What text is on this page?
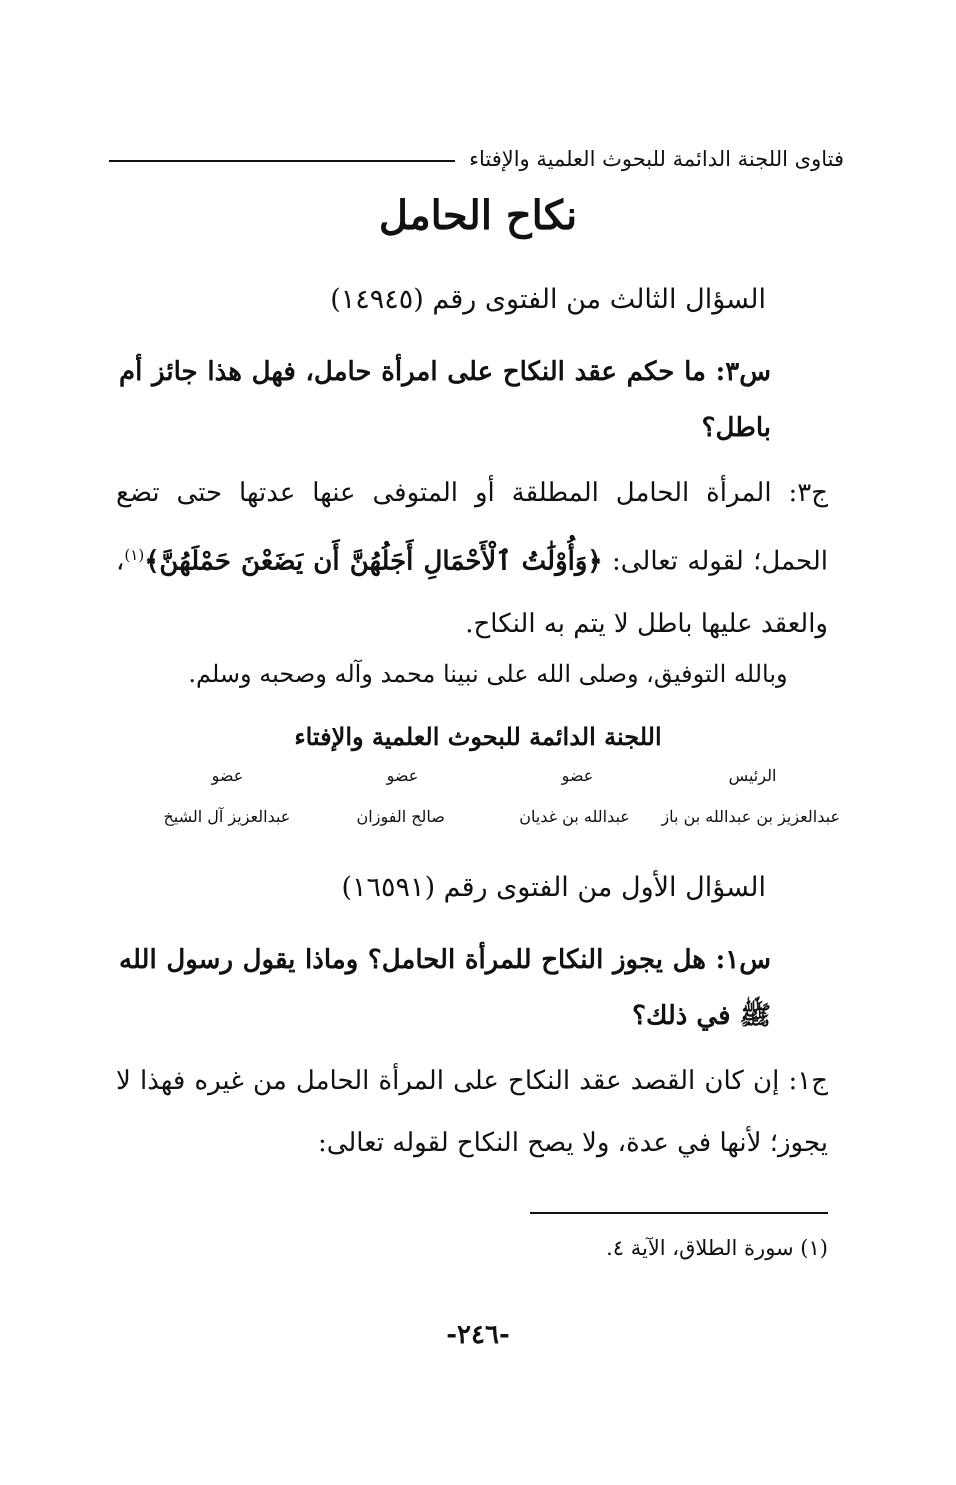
فتاوى اللجنة الدائمة للبحوث العلمية والإفتاء
نكاح الحامل
السؤال الثالث من الفتوى رقم (١٤٩٤٥)
س٣: ما حكم عقد النكاح على امرأة حامل، فهل هذا جائز أم باطل؟
ج٣: المرأة الحامل المطلقة أو المتوفى عنها عدتها حتى تضع الحمل؛ لقوله تعالى: ﴿وَأُوْلَٰتُ ٱلْأَحْمَالِ أَجَلُهُنَّ أَن يَضَعْنَ حَمْلَهُنَّ﴾$^{(١)}$، والعقد عليها باطل لا يتم به النكاح.
وبالله التوفيق، وصلى الله على نبينا محمد وآله وصحبه وسلم.
اللجنة الدائمة للبحوث العلمية والإفتاء
الرئيس
عضو
عضو
عضو
عبدالعزيز بن عبدالله بن باز
عبدالله بن غديان
صالح الفوزان
عبدالعزيز آل الشيخ
السؤال الأول من الفتوى رقم (١٦٥٩١)
س١: هل يجوز النكاح للمرأة الحامل؟ وماذا يقول رسول الله ﷺ في ذلك؟
ج١: إن كان القصد عقد النكاح على المرأة الحامل من غيره فهذا لا يجوز؛ لأنها في عدة، ولا يصح النكاح لقوله تعالى:
(١) سورة الطلاق، الآية ٤.
-٢٤٦-
